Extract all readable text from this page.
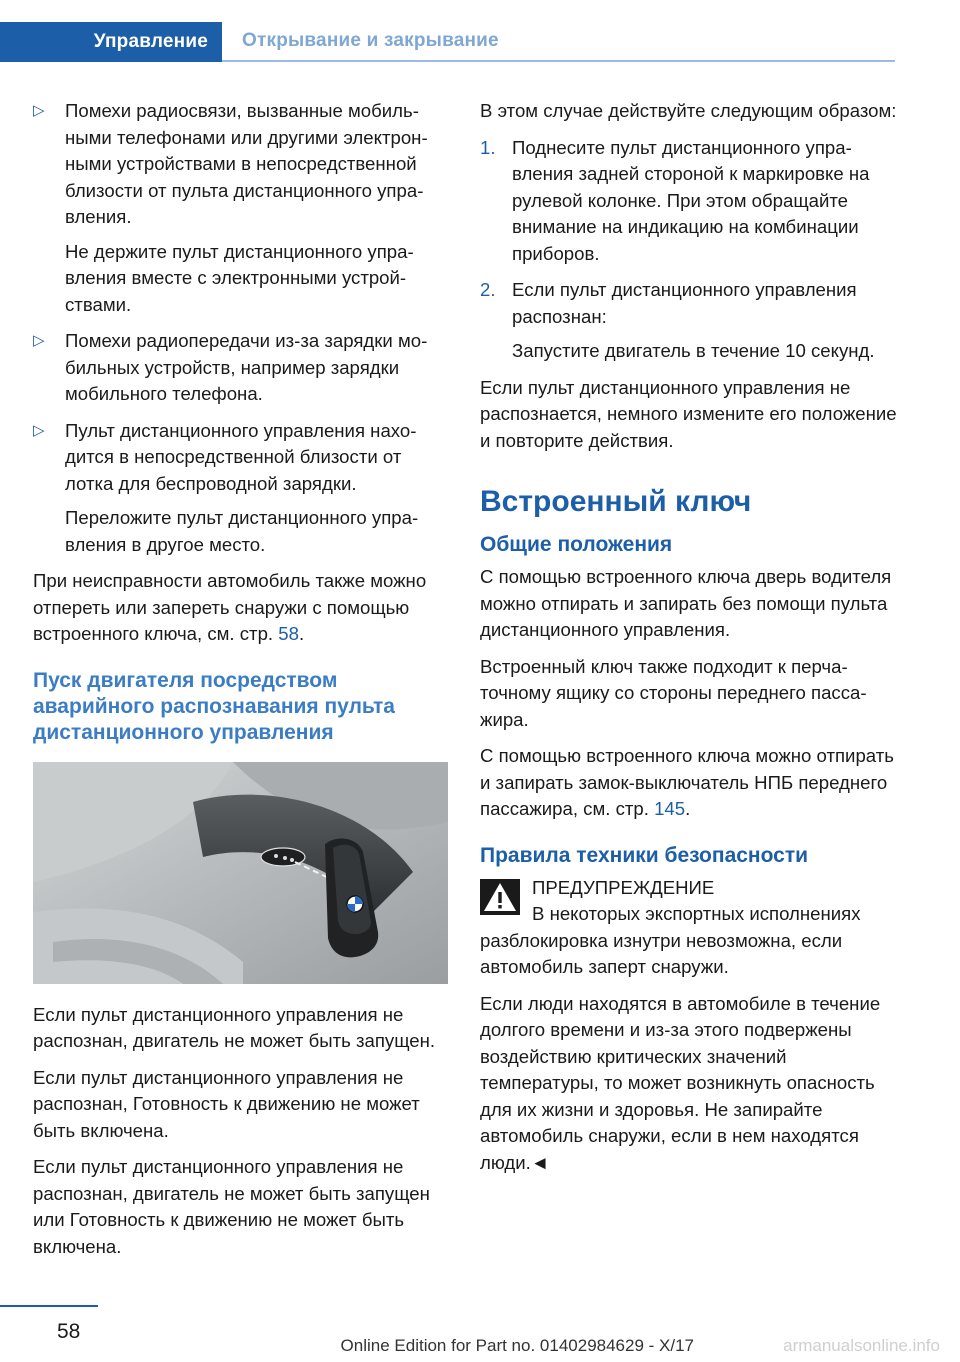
Управление	Открывание и закрывание
▷ Помехи радиосвязи, вызванные мобильными телефонами или другими электронными устройствами в непосредственной близости от пульта дистанционного управления.
Не держите пульт дистанционного управления вместе с электронными устройствами.
▷ Помехи радиопередачи из-за зарядки мобильных устройств, например зарядки мобильного телефона.
▷ Пульт дистанционного управления находится в непосредственной близости от лотка для беспроводной зарядки.
Переложите пульт дистанционного управления в другое место.

При неисправности автомобиль также можно отпереть или запереть снаружи с помощью встроенного ключа, см. стр. 58.

Пуск двигателя посредством аварийного распознавания пульта дистанционного управления

Если пульт дистанционного управления не распознан, двигатель не может быть запущен.

Если пульт дистанционного управления не распознан, Готовность к движению не может быть включена.

Если пульт дистанционного управления не распознан, двигатель не может быть запущен или Готовность к движению не может быть включена.

В этом случае действуйте следующим образом:

1. Поднесите пульт дистанционного управления задней стороной к маркировке на рулевой колонке. При этом обращайте внимание на индикацию на комбинации приборов.
2. Если пульт дистанционного управления распознан:
Запустите двигатель в течение 10 секунд.

Если пульт дистанционного управления не распознается, немного измените его положение и повторите действия.

Встроенный ключ
Общие положения

С помощью встроенного ключа дверь водителя можно отпирать и запирать без помощи пульта дистанционного управления.

Встроенный ключ также подходит к перчаточному ящику со стороны переднего пассажира.

С помощью встроенного ключа можно отпирать и запирать замок-выключатель НПБ переднего пассажира, см. стр. 145.

Правила техники безопасности
ПРЕДУПРЕЖДЕНИЕ

В некоторых экспортных исполнениях разблокировка изнутри невозможна, если автомобиль заперт снаружи.

Если люди находятся в автомобиле в течение долгого времени и из-за этого подвержены воздействию критических значений температуры, то может возникнуть опасность для их жизни и здоровья. Не запирайте автомобиль снаружи, если в нем находятся люди.◄

58
Online Edition for Part no. 01402984629 - X/17	armanualsonline.info
